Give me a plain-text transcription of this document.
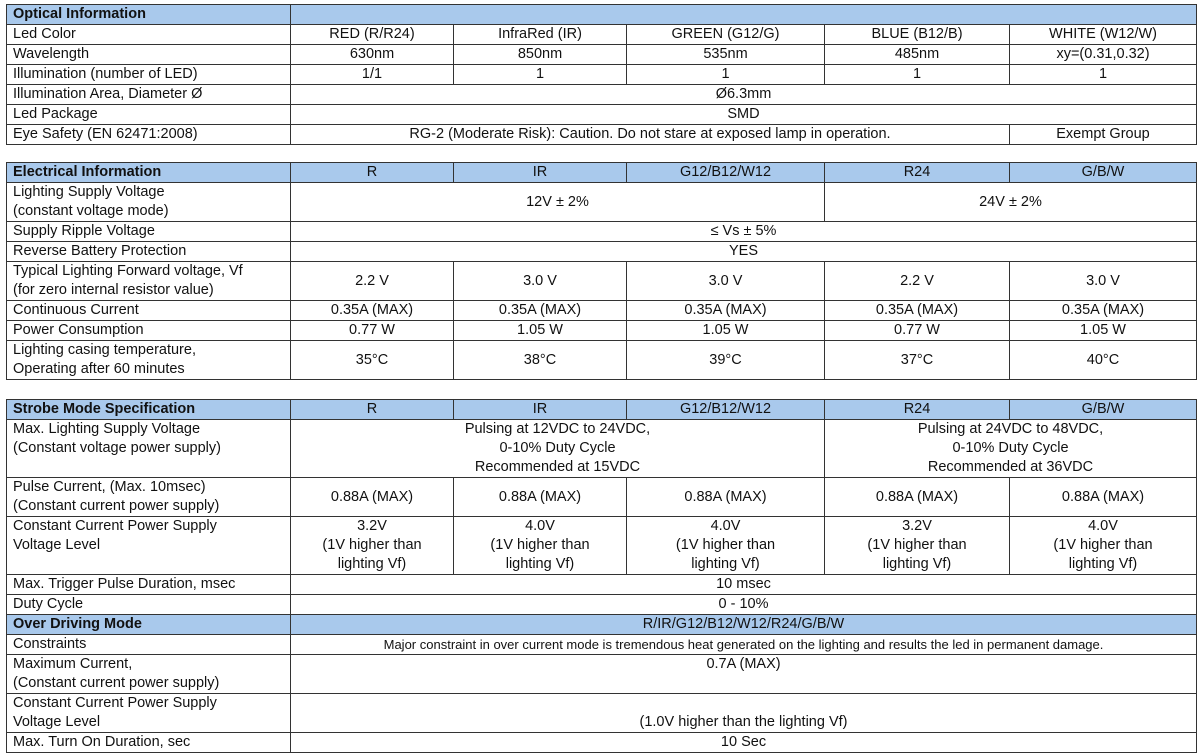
Optical Information					
Led Color	RED (R/R24)	InfraRed (IR)	GREEN (G12/G)	BLUE (B12/B)	WHITE (W12/W)
Wavelength	630nm	850nm	535nm	485nm	xy=(0.31,0.32)
Illumination (number of LED)	1/1	1	1	1	1
Illumination Area, Diameter Ø	Ø6.3mm				
Led Package	SMD				
Eye Safety (EN 62471:2008)	RG-2 (Moderate Risk): Caution. Do not stare at exposed lamp in operation.				Exempt Group

Electrical Information	R	IR	G12/B12/W12	R24	G/B/W

Lighting Supply Voltage
(constant voltage mode)	12V ± 2%			24V ± 2%	
Supply Ripple Voltage	≤ Vs ± 5%				
Reverse Battery Protection	YES				

Typical Lighting Forward voltage, Vf
(for zero internal resistor value)	2.2 V	3.0 V	3.0 V	2.2 V	3.0 V
Continuous Current	0.35A (MAX)	0.35A (MAX)	0.35A (MAX)	0.35A (MAX)	0.35A (MAX)
Power Consumption	0.77 W	1.05 W	1.05 W	0.77 W	1.05 W

Lighting casing temperature,
Operating after 60 minutes	35°C	38°C	39°C	37°C	40°C

Strobe Mode Specification	R	IR	G12/B12/W12	R24	G/B/W

Max. Lighting Supply Voltage
(Constant voltage power supply)	Pulsing at 12VDC to 24VDC,
0-10% Duty Cycle
Recommended at 15VDC			Pulsing at 24VDC to 48VDC,
0-10% Duty Cycle
Recommended at 36VDC	

Pulse Current, (Max. 10msec)
(Constant current power supply)	0.88A (MAX)	0.88A (MAX)	0.88A (MAX)	0.88A (MAX)	0.88A (MAX)

Constant Current Power Supply
Voltage Level	3.2V
(1V higher than
lighting Vf)	4.0V
(1V higher than
lighting Vf)	4.0V
(1V higher than
lighting Vf)	3.2V
(1V higher than
lighting Vf)	4.0V
(1V higher than
lighting Vf)

Max. Trigger Pulse Duration, msec	10 msec				
Duty Cycle	0 - 10%				
Over Driving Mode	R/IR/G12/B12/W12/R24/G/B/W				
Constraints	Major constraint in over current mode is tremendous heat generated on the lighting and results the led in permanent damage.				

Maximum Current,
(Constant current power supply)	0.7A (MAX)				

Constant Current Power Supply
Voltage Level	(1.0V higher than the lighting Vf)				
Max. Turn On Duration, sec	10 Sec				
